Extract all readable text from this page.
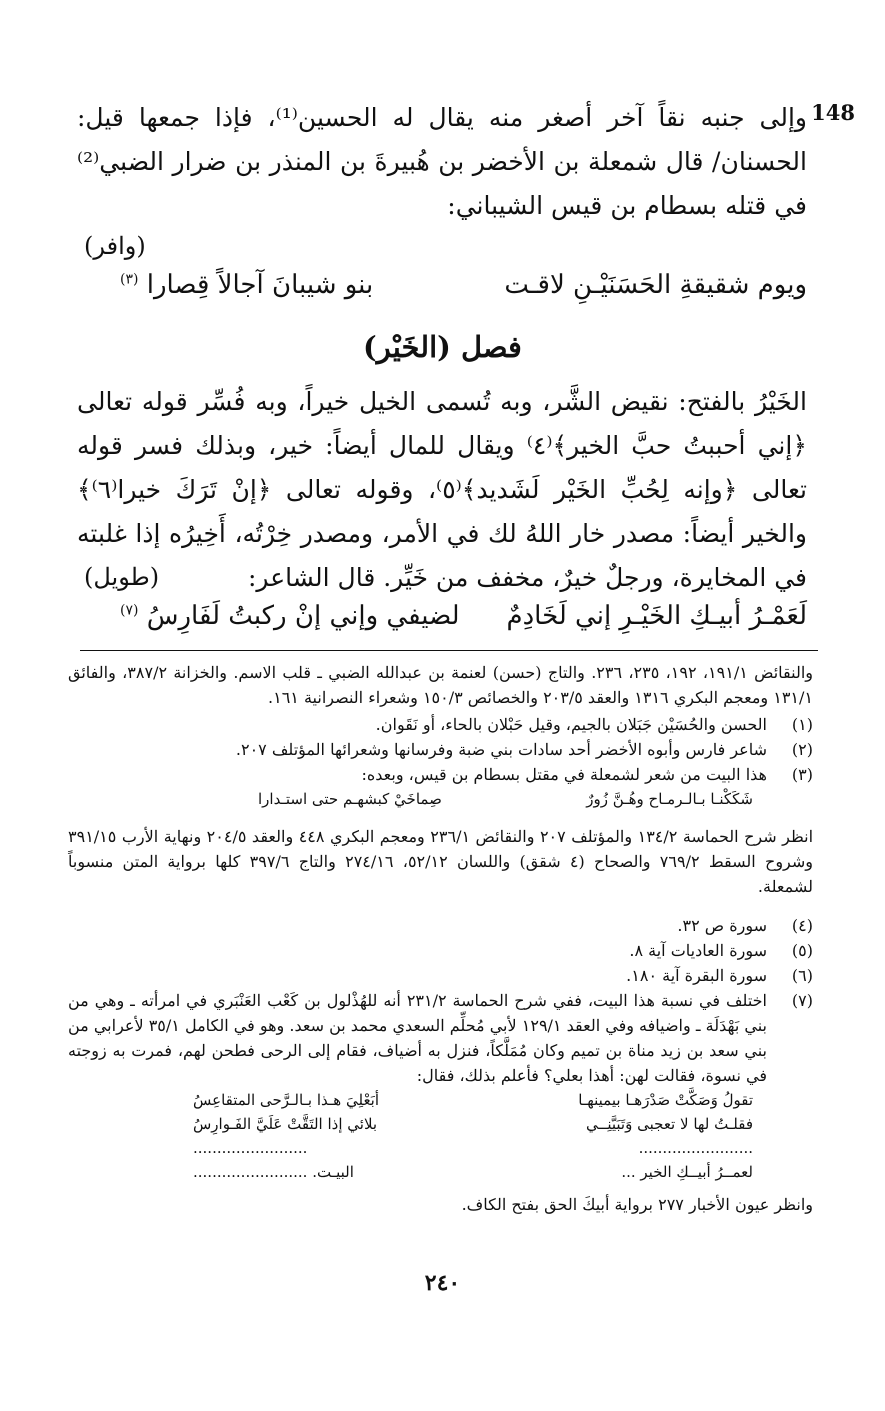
148
وإلى جنبه نقاً آخر أصغر منه يقال له الحسين⁽¹⁾، فإذا جمعها قيل: الحسنان/ قال شمعلة بن الأخضر بن هُبيرةَ بن المنذر بن ضرار الضبي⁽²⁾ في قتله بسطام بن قيس الشيباني:
(وافر)
ويوم شقيقةِ الحَسَنَيْـنِ لاقـت
بنو شيبانَ آجالاً قِصارا $^{(٣)}$
فصل (الخَيْر)
الخَيْرُ بالفتح: نقيض الشَّر، وبه تُسمى الخيل خيراً، وبه فُسِّر قوله تعالى ﴿إني أحببتُ حبَّ الخير﴾⁽٤⁾ ويقال للمال أيضاً: خير، وبذلك فسر قوله تعالى ﴿وإنه لِحُبِّ الخَيْر لَشَديد﴾⁽٥⁾، وقوله تعالى ﴿إنْ تَرَكَ خيرا⁽٦⁾﴾ والخير أيضاً: مصدر خار اللهُ لك في الأمر، ومصدر خِرْتُه، أَخِيرُه إذا غلبته في المخايرة، ورجلٌ خيرٌ، مخفف من خَيِّر. قال الشاعر:
(طويل)
لَعَمْـرُ أبيـكِ الخَيْـرِ إني لَخَادِمٌ
لضيفي وإني إنْ ركبتُ لَفَارِسُ $^{(٧)}$
والنقائض ١٩١/١، ١٩٢، ٢٣٥، ٢٣٦. والتاج (حسن) لعنمة بن عبدالله الضبي ـ قلب الاسم. والخزانة ٣٨٧/٢، والفائق ١٣١/١ ومعجم البكري ١٣١٦ والعقد ٢٠٣/٥ والخصائص ١٥٠/٣ وشعراء النصرانية ١٦١.
(١)
الحسن والحُسَيْن جَبَلان بالجيم، وقيل حَبْلان بالحاء، أو نَقَوان.
(٢)
شاعر فارس وأبوه الأخضر أحد سادات بني ضبة وفرسانها وشعرائها المؤتلف ٢٠٧.
(٣)
هذا البيت من شعر لشمعلة في مقتل بسطام بن قيس، وبعده:
شَكَكْنـا بـالـرمـاح وهُـنَّ زُورٌ
صِماخَيْ كبشهـم حتى استـدارا
انظر شرح الحماسة ١٣٤/٢ والمؤتلف ٢٠٧ والنقائض ٢٣٦/١ ومعجم البكري ٤٤٨ والعقد ٢٠٤/٥ ونهاية الأرب ٣٩١/١٥ وشروح السقط ٧٦٩/٢ والصحاح (٤ شقق) واللسان ٥٢/١٢، ٢٧٤/١٦ والتاج ٣٩٧/٦ كلها برواية المتن منسوباً لشمعلة.
(٤)
سورة ص ٣٢.
(٥)
سورة العاديات آية ٨.
(٦)
سورة البقرة آية ١٨٠.
(٧)
اختلف في نسبة هذا البيت، ففي شرح الحماسة ٢٣١/٢ أنه للهُذْلول بن كَعْب العَنْبَري في امرأته ـ وهي من بني بَهْدَلَة ـ واضيافه وفي العقد ١٢٩/١ لأبي مُحلِّم السعدي محمد بن سعد. وهو في الكامل ٣٥/١ لأعرابي من بني سعد بن زيد مناة بن تميم وكان مُمَلَّكاً، فنزل به أضياف، فقام إلى الرحى فطحن لهم، فمرت به زوجته في نسوة، فقالت لهن: أهذا بعلي؟ فأعلم بذلك، فقال:
تقولُ وَصَكَّتْ صَدْرَهـا بيمينهـا
أبَعْلِيَ هـذا بـالـرَّحى المتقاعِسُ
فقلـتُ لها لا تعجبى وَتَبَيَّنِــي
بلائي إذا التَقَّتْ عَلَيَّ الفَـوارِسُ
........................
........................
لعمــرُ أبيــكِ الخير ...
البيـت. ........................
وانظر عيون الأخبار ٢٧٧ برواية أبيكَ الحق بفتح الكاف.
٢٤٠
